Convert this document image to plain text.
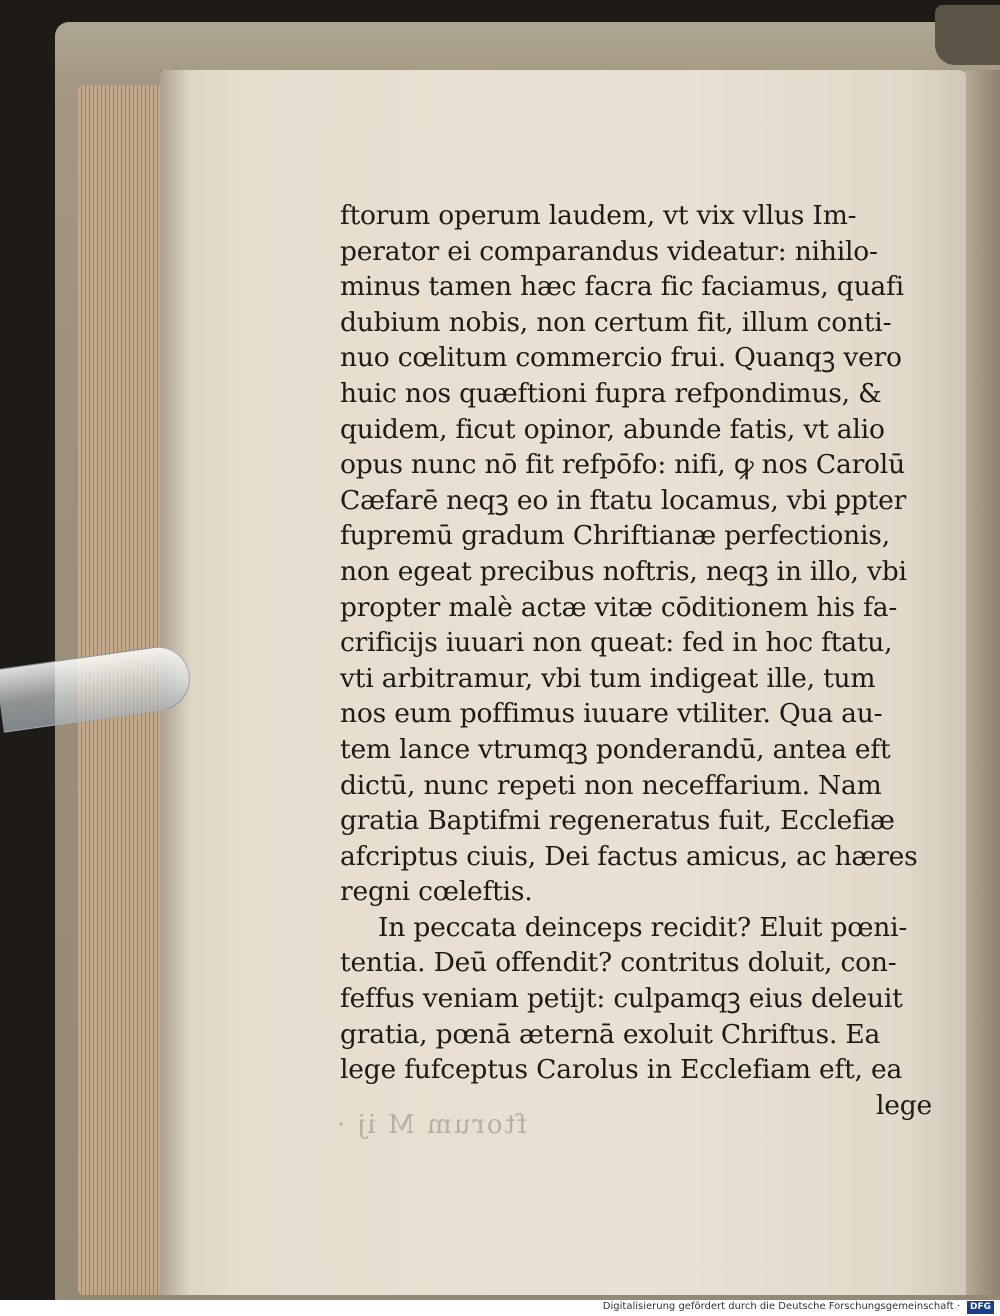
ftorum M ij ·
ftorum operum laudem, vt vix vllus Im-
perator ei comparandus videatur: nihilo-
minus tamen hæc facra fic faciamus, quafi
dubium nobis, non certum fit, illum conti-
nuo cœlitum commercio frui. Quanqꝫ vero
huic nos quæftioni fupra refpondimus, &
quidem, ficut opinor, abunde fatis, vt alio
opus nunc nō fit refpōfo: nifi, ꝙ nos Carolū
Cæfarē neqꝫ eo in ftatu locamus, vbi ꝑpter
fupremū gradum Chriftianæ perfectionis,
non egeat precibus noftris, neqꝫ in illo, vbi
propter malè actæ vitæ cōditionem his fa-
crificijs iuuari non queat: fed in hoc ftatu,
vti arbitramur, vbi tum indigeat ille, tum
nos eum poffimus iuuare vtiliter. Qua au-
tem lance vtrumqꝫ ponderandū, antea eft
dictū, nunc repeti non neceffarium. Nam
gratia Baptifmi regeneratus fuit, Ecclefiæ
afcriptus ciuis, Dei factus amicus, ac hæres
regni cœleftis.
In peccata deinceps recidit? Eluit pœni-
tentia. Deū offendit? contritus doluit, con-
feffus veniam petijt: culpamqꝫ eius deleuit
gratia, pœnā æternā exoluit Chriftus. Ea
lege fufceptus Carolus in Ecclefiam eft, ea
lege
Digitalisierung gefördert durch die Deutsche Forschungsgemeinschaft ·	DFG
